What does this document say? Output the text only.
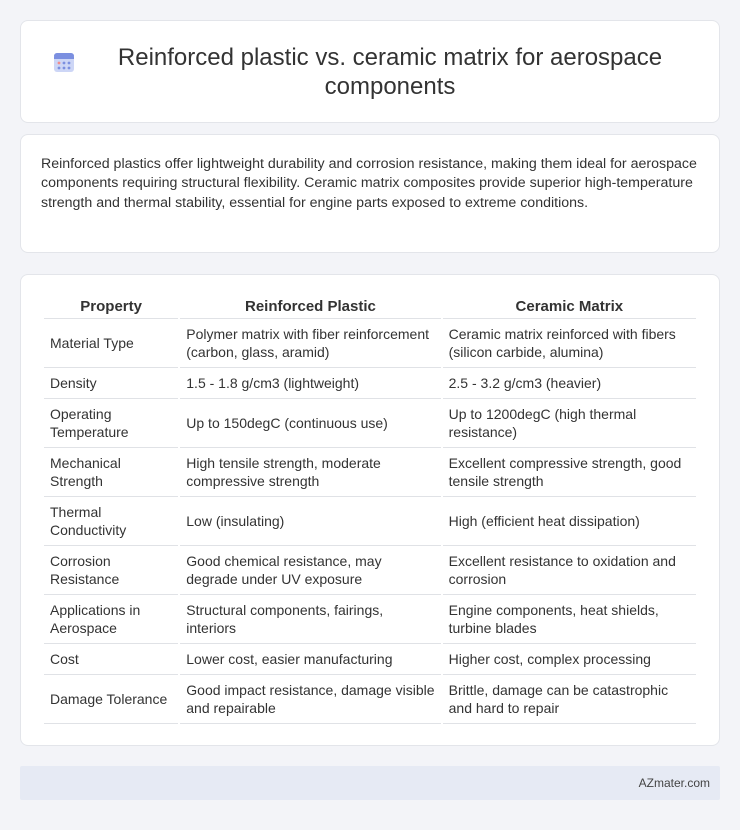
Reinforced plastic vs. ceramic matrix for aerospace components

Reinforced plastics offer lightweight durability and corrosion resistance, making them ideal for aerospace components requiring structural flexibility. Ceramic matrix composites provide superior high-temperature strength and thermal stability, essential for engine parts exposed to extreme conditions.

Property	Reinforced Plastic	Ceramic Matrix
Material Type	Polymer matrix with fiber reinforcement (carbon, glass, aramid)	Ceramic matrix reinforced with fibers (silicon carbide, alumina)
Density	1.5 - 1.8 g/cm3 (lightweight)	2.5 - 3.2 g/cm3 (heavier)
Operating Temperature	Up to 150degC (continuous use)	Up to 1200degC (high thermal resistance)
Mechanical Strength	High tensile strength, moderate compressive strength	Excellent compressive strength, good tensile strength
Thermal Conductivity	Low (insulating)	High (efficient heat dissipation)
Corrosion Resistance	Good chemical resistance, may degrade under UV exposure	Excellent resistance to oxidation and corrosion
Applications in Aerospace	Structural components, fairings, interiors	Engine components, heat shields, turbine blades
Cost	Lower cost, easier manufacturing	Higher cost, complex processing
Damage Tolerance	Good impact resistance, damage visible and repairable	Brittle, damage can be catastrophic and hard to repair
AZmater.com
